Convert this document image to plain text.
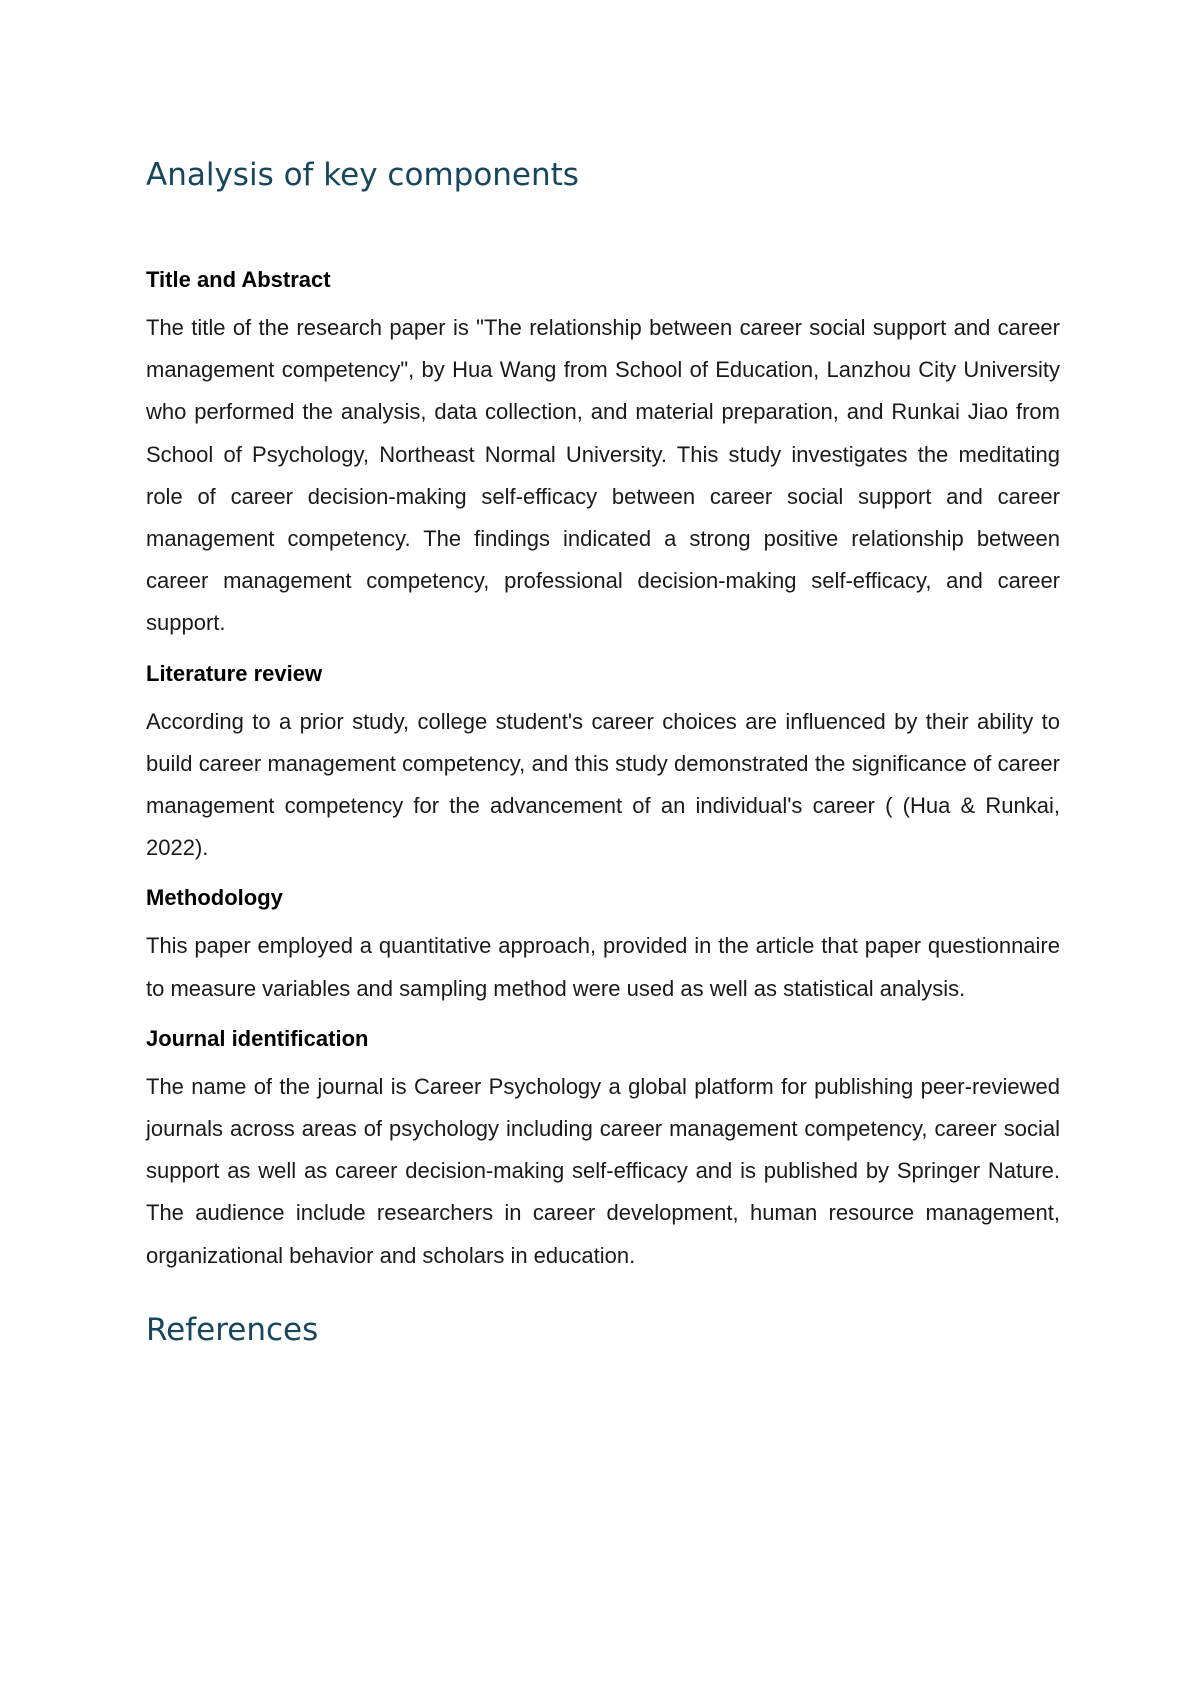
Analysis of key components
Title and Abstract

The title of the research paper is "The relationship between career social support and career management competency", by Hua Wang from School of Education, Lanzhou City University who performed the analysis, data collection, and material preparation, and Runkai Jiao from School of Psychology, Northeast Normal University. This study investigates the meditating role of career decision-making self-efficacy between career social support and career management competency. The findings indicated a strong positive relationship between career management competency, professional decision-making self-efficacy, and career support.

Literature review

According to a prior study, college student's career choices are influenced by their ability to build career management competency, and this study demonstrated the significance of career management competency for the advancement of an individual's career ( (Hua & Runkai, 2022).

Methodology

This paper employed a quantitative approach, provided in the article that paper questionnaire to measure variables and sampling method were used as well as statistical analysis.

Journal identification

The name of the journal is Career Psychology a global platform for publishing peer-reviewed journals across areas of psychology including career management competency, career social support as well as career decision-making self-efficacy and is published by Springer Nature. The audience include researchers in career development, human resource management, organizational behavior and scholars in education.

References
